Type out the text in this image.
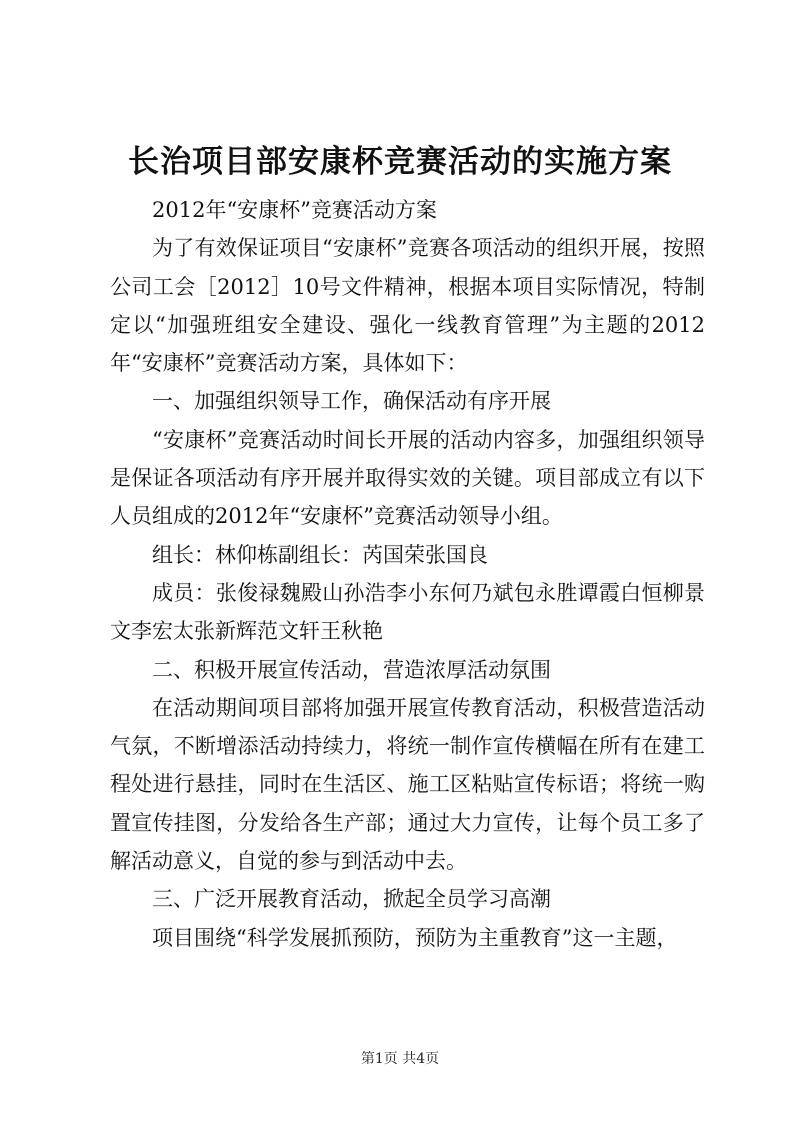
长治项目部安康杯竞赛活动的实施方案

2012年“安康杯”竞赛活动方案

为了有效保证项目“安康杯”竞赛各项活动的组织开展，按照公司工会［2012］10号文件精神，根据本项目实际情况，特制定以“加强班组安全建设、强化一线教育管理”为主题的2012年“安康杯”竞赛活动方案，具体如下：

一、加强组织领导工作，确保活动有序开展

“安康杯”竞赛活动时间长开展的活动内容多，加强组织领导是保证各项活动有序开展并取得实效的关键。项目部成立有以下人员组成的2012年“安康杯”竞赛活动领导小组。

组长：林仰栋副组长：芮国荣张国良

成员：张俊禄魏殿山孙浩李小东何乃斌包永胜谭霞白恒柳景文李宏太张新辉范文轩王秋艳

二、积极开展宣传活动，营造浓厚活动氛围

在活动期间项目部将加强开展宣传教育活动，积极营造活动气氛，不断增添活动持续力，将统一制作宣传横幅在所有在建工程处进行悬挂，同时在生活区、施工区粘贴宣传标语；将统一购置宣传挂图，分发给各生产部；通过大力宣传，让每个员工多了解活动意义，自觉的参与到活动中去。

三、广泛开展教育活动，掀起全员学习高潮

项目围绕“科学发展抓预防，预防为主重教育”这一主题，

第1页 共4页
